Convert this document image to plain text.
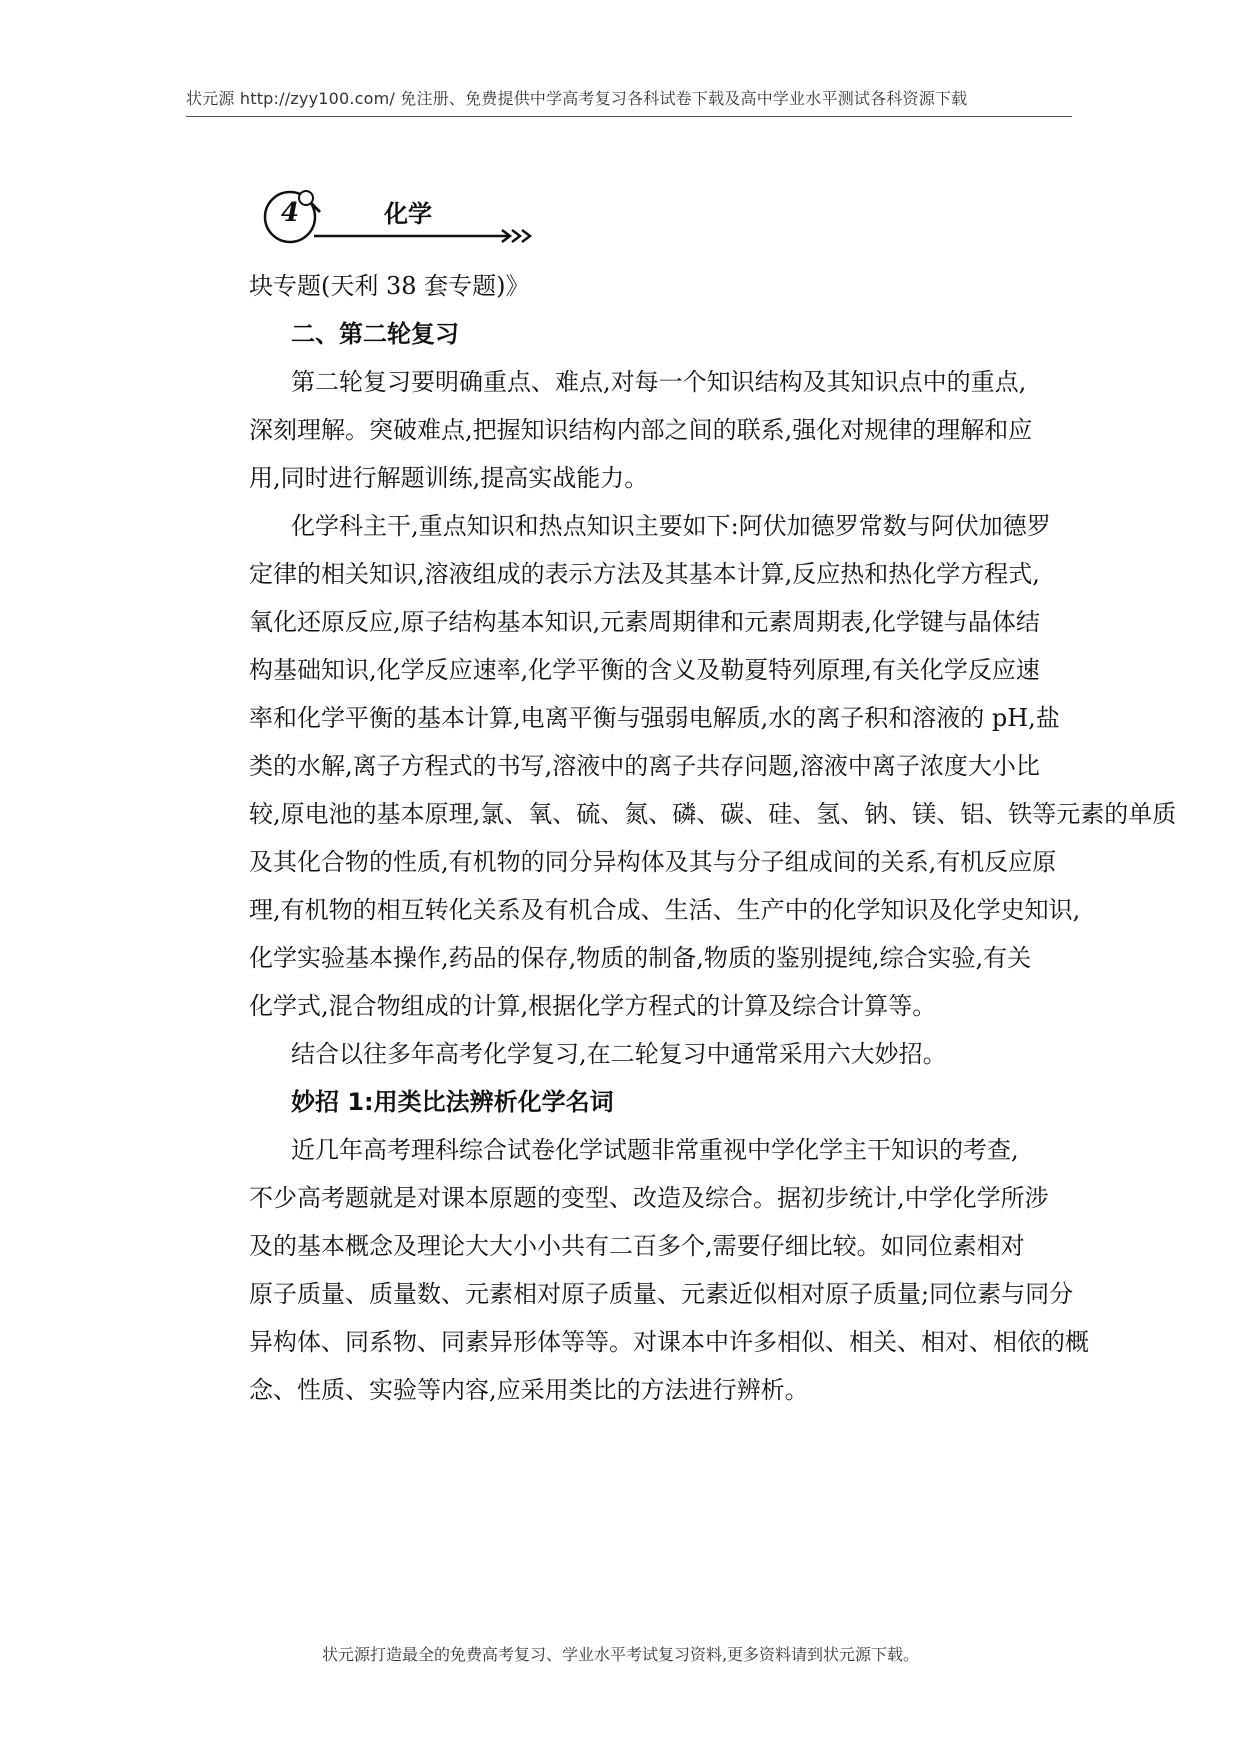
状元源 http://zyy100.com/ 免注册、免费提供中学高考复习各科试卷下载及高中学业水平测试各科资源下载
4	化学
块专题(天利 38 套专题)》
二、第二轮复习
第二轮复习要明确重点、难点,对每一个知识结构及其知识点中的重点,
深刻理解。突破难点,把握知识结构内部之间的联系,强化对规律的理解和应
用,同时进行解题训练,提高实战能力。
化学科主干,重点知识和热点知识主要如下:阿伏加德罗常数与阿伏加德罗
定律的相关知识,溶液组成的表示方法及其基本计算,反应热和热化学方程式,
氧化还原反应,原子结构基本知识,元素周期律和元素周期表,化学键与晶体结
构基础知识,化学反应速率,化学平衡的含义及勒夏特列原理,有关化学反应速
率和化学平衡的基本计算,电离平衡与强弱电解质,水的离子积和溶液的 pH,盐
类的水解,离子方程式的书写,溶液中的离子共存问题,溶液中离子浓度大小比
较,原电池的基本原理,氯、氧、硫、氮、磷、碳、硅、氢、钠、镁、铝、铁等元素的单质
及其化合物的性质,有机物的同分异构体及其与分子组成间的关系,有机反应原
理,有机物的相互转化关系及有机合成、生活、生产中的化学知识及化学史知识,
化学实验基本操作,药品的保存,物质的制备,物质的鉴别提纯,综合实验,有关
化学式,混合物组成的计算,根据化学方程式的计算及综合计算等。
结合以往多年高考化学复习,在二轮复习中通常采用六大妙招。
妙招 1:用类比法辨析化学名词
近几年高考理科综合试卷化学试题非常重视中学化学主干知识的考查,
不少高考题就是对课本原题的变型、改造及综合。据初步统计,中学化学所涉
及的基本概念及理论大大小小共有二百多个,需要仔细比较。如同位素相对
原子质量、质量数、元素相对原子质量、元素近似相对原子质量;同位素与同分
异构体、同系物、同素异形体等等。对课本中许多相似、相关、相对、相依的概
念、性质、实验等内容,应采用类比的方法进行辨析。
状元源打造最全的免费高考复习、学业水平考试复习资料,更多资料请到状元源下载。
